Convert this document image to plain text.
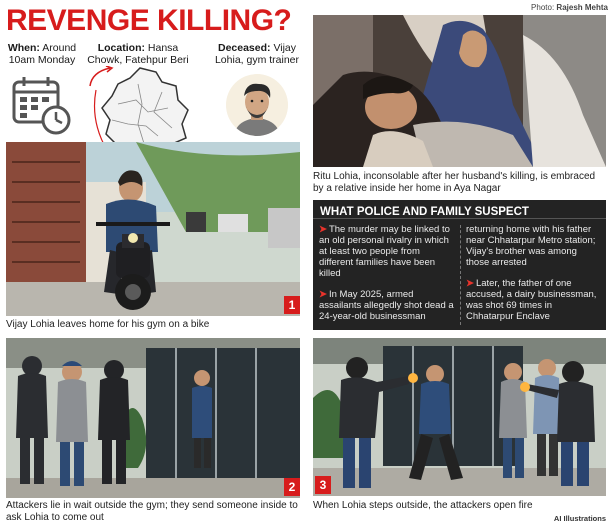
REVENGE KILLING?	Photo: Rajesh Mehta
When: Around 10am Monday
Location: Hansa Chowk, Fatehpur Beri
Deceased: Vijay Lohia, gym trainer
Ritu Lohia, inconsolable after her husband's killing, is embraced by a relative inside her home in Aya Nagar
WHAT POLICE AND FAMILY SUSPECT
➤ The murder may be linked to an old personal rivalry in which at least two people from different families have been killed
➤ In May 2025, armed assailants allegedly shot dead a 24-year-old businessman
returning home with his father near Chhatarpur Metro station; Vijay's brother was among those arrested
➤ Later, the father of one accused, a dairy businessman, was shot 69 times in Chhatarpur Enclave
1
Vijay Lohia leaves home for his gym on a bike
2
Attackers lie in wait outside the gym; they send someone inside to ask Lohia to come out
3
When Lohia steps outside, the attackers open fire
AI Illustrations
